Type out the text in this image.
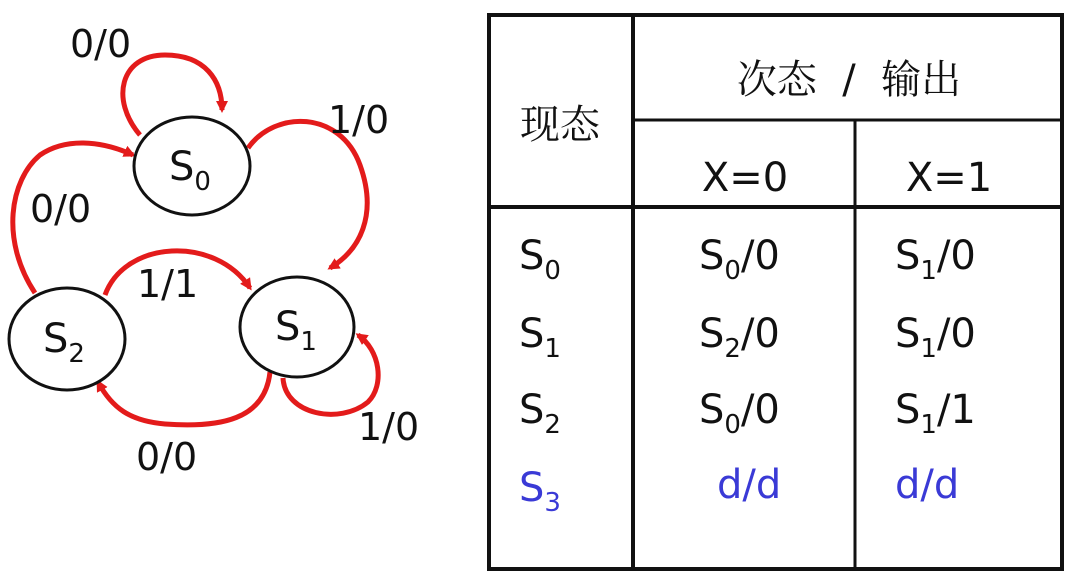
0/0
1/0
0/0
1/1
1/0
0/0
$S_0$
$S_1$
$S_2$
现态
次态  /  输出
X=0	X=1
$S_0$	$S_0/0$	$S_1/0$
$S_1$	$S_2/0$	$S_1/0$
$S_2$	$S_0/0$	$S_1/1$
$S_3$	d/d	d/d
